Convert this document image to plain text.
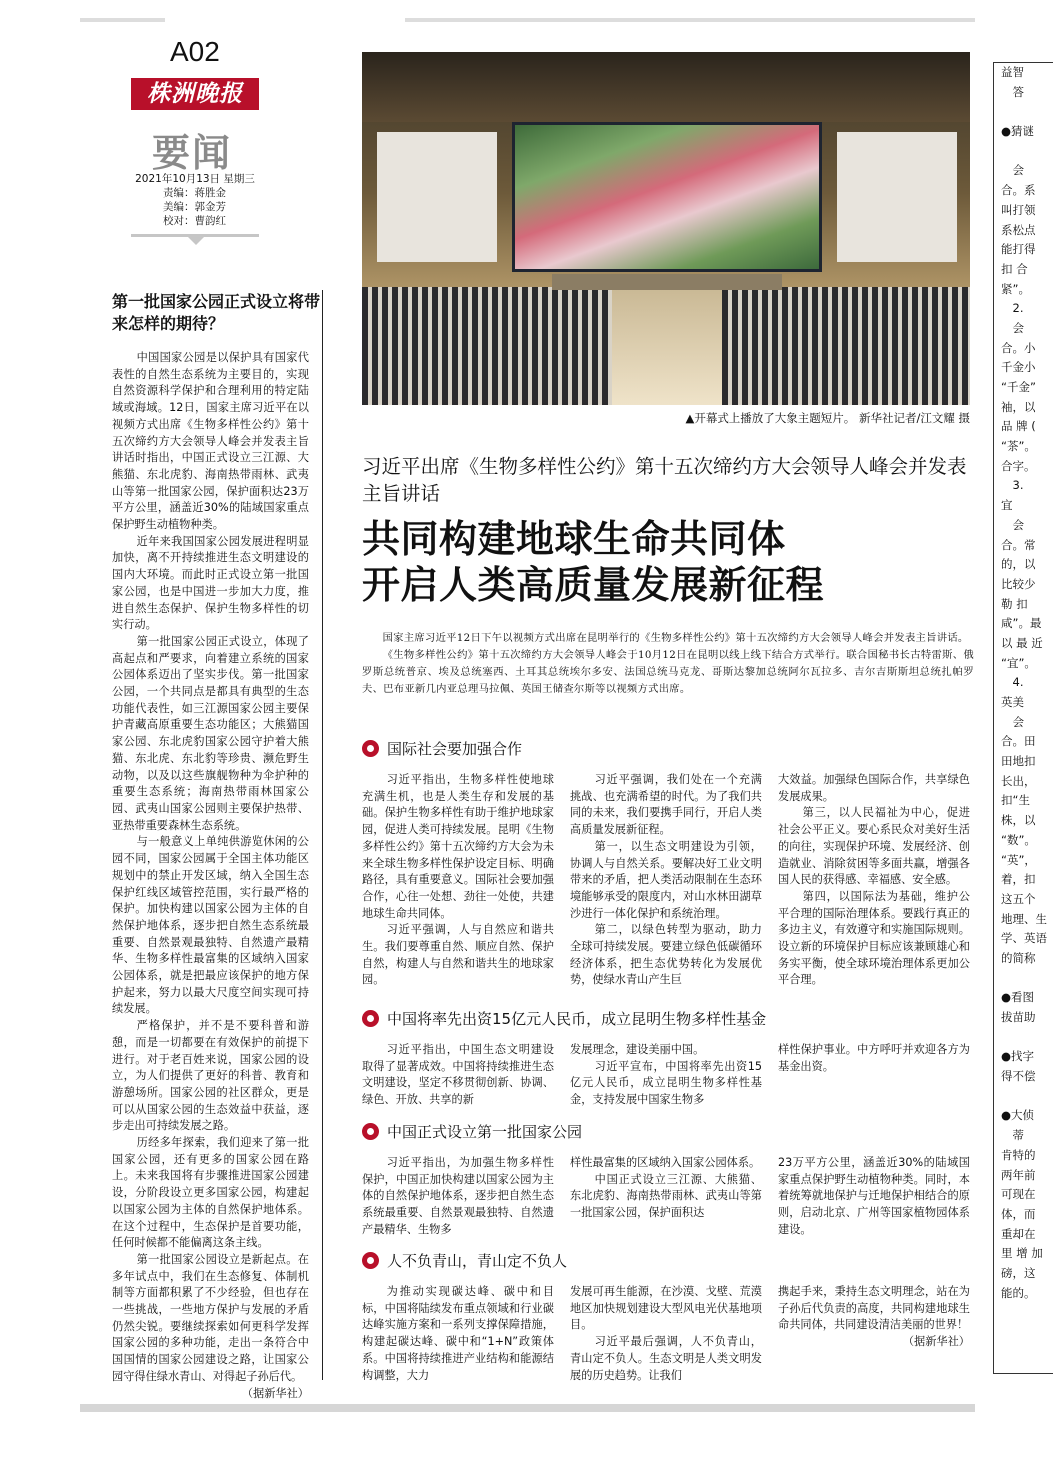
A02
株洲晚报
要闻
2021年10月13日 星期三
责编：蒋胜金
美编：郭金芳
校对：曹韵红
第一批国家公园正式设立将带来怎样的期待？

中国国家公园是以保护具有国家代表性的自然生态系统为主要目的，实现自然资源科学保护和合理利用的特定陆域或海域。12日，国家主席习近平在以视频方式出席《生物多样性公约》第十五次缔约方大会领导人峰会并发表主旨讲话时指出，中国正式设立三江源、大熊猫、东北虎豹、海南热带雨林、武夷山等第一批国家公园，保护面积达23万平方公里，涵盖近30%的陆域国家重点保护野生动植物种类。

近年来我国国家公园发展进程明显加快，离不开持续推进生态文明建设的国内大环境。而此时正式设立第一批国家公园，也是中国进一步加大力度，推进自然生态保护、保护生物多样性的切实行动。

第一批国家公园正式设立，体现了高起点和严要求，向着建立系统的国家公园体系迈出了坚实步伐。第一批国家公园，一个共同点是都具有典型的生态功能代表性，如三江源国家公园主要保护青藏高原重要生态功能区；大熊猫国家公园、东北虎豹国家公园守护着大熊猫、东北虎、东北豹等珍贵、濒危野生动物，以及以这些旗舰物种为伞护种的重要生态系统；海南热带雨林国家公园、武夷山国家公园则主要保护热带、亚热带重要森林生态系统。

与一般意义上单纯供游览休闲的公园不同，国家公园属于全国主体功能区规划中的禁止开发区域，纳入全国生态保护红线区域管控范围，实行最严格的保护。加快构建以国家公园为主体的自然保护地体系，逐步把自然生态系统最重要、自然景观最独特、自然遗产最精华、生物多样性最富集的区域纳入国家公园体系，就是把最应该保护的地方保护起来，努力以最大尺度空间实现可持续发展。

严格保护，并不是不要科普和游憩，而是一切都要在有效保护的前提下进行。对于老百姓来说，国家公园的设立，为人们提供了更好的科普、教育和游憩场所。国家公园的社区群众，更是可以从国家公园的生态效益中获益，逐步走出可持续发展之路。

历经多年探索，我们迎来了第一批国家公园，还有更多的国家公园在路上。未来我国将有步骤推进国家公园建设，分阶段设立更多国家公园，构建起以国家公园为主体的自然保护地体系。在这个过程中，生态保护是首要功能，任何时候都不能偏离这条主线。

第一批国家公园设立是新起点。在多年试点中，我们在生态修复、体制机制等方面都积累了不少经验，但也存在一些挑战，一些地方保护与发展的矛盾仍然尖锐。要继续探索如何更科学发挥国家公园的多种功能，走出一条符合中国国情的国家公园建设之路，让国家公园守得住绿水青山、对得起子孙后代。

（据新华社）
▲开幕式上播放了大象主题短片。 新华社记者/江文耀 摄
习近平出席《生物多样性公约》第十五次缔约方大会领导人峰会并发表主旨讲话
共同构建地球生命共同体
开启人类高质量发展新征程

国家主席习近平12日下午以视频方式出席在昆明举行的《生物多样性公约》第十五次缔约方大会领导人峰会并发表主旨讲话。

《生物多样性公约》第十五次缔约方大会领导人峰会于10月12日在昆明以线上线下结合方式举行。联合国秘书长古特雷斯、俄罗斯总统普京、埃及总统塞西、土耳其总统埃尔多安、法国总统马克龙、哥斯达黎加总统阿尔瓦拉多、吉尔吉斯斯坦总统扎帕罗夫、巴布亚新几内亚总理马拉佩、英国王储查尔斯等以视频方式出席。

国际社会要加强合作

习近平指出，生物多样性使地球充满生机，也是人类生存和发展的基础。保护生物多样性有助于维护地球家园，促进人类可持续发展。昆明《生物多样性公约》第十五次缔约方大会为未来全球生物多样性保护设定目标、明确路径，具有重要意义。国际社会要加强合作，心往一处想、劲往一处使，共建地球生命共同体。

习近平强调，人与自然应和谐共生。我们要尊重自然、顺应自然、保护自然，构建人与自然和谐共生的地球家园。

习近平强调，我们处在一个充满挑战、也充满希望的时代。为了我们共同的未来，我们要携手同行，开启人类高质量发展新征程。

第一，以生态文明建设为引领，协调人与自然关系。要解决好工业文明带来的矛盾，把人类活动限制在生态环境能够承受的限度内，对山水林田湖草沙进行一体化保护和系统治理。

第二，以绿色转型为驱动，助力全球可持续发展。要建立绿色低碳循环经济体系，把生态优势转化为发展优势，使绿水青山产生巨

大效益。加强绿色国际合作，共享绿色发展成果。

第三，以人民福祉为中心，促进社会公平正义。要心系民众对美好生活的向往，实现保护环境、发展经济、创造就业、消除贫困等多面共赢，增强各国人民的获得感、幸福感、安全感。

第四，以国际法为基础，维护公平合理的国际治理体系。要践行真正的多边主义，有效遵守和实施国际规则。设立新的环境保护目标应该兼顾雄心和务实平衡，使全球环境治理体系更加公平合理。

中国将率先出资15亿元人民币，成立昆明生物多样性基金

习近平指出，中国生态文明建设取得了显著成效。中国将持续推进生态文明建设，坚定不移贯彻创新、协调、绿色、开放、共享的新

发展理念，建设美丽中国。

习近平宣布，中国将率先出资15亿元人民币，成立昆明生物多样性基金，支持发展中国家生物多

样性保护事业。中方呼吁并欢迎各方为基金出资。

中国正式设立第一批国家公园

习近平指出，为加强生物多样性保护，中国正加快构建以国家公园为主体的自然保护地体系，逐步把自然生态系统最重要、自然景观最独特、自然遗产最精华、生物多

样性最富集的区域纳入国家公园体系。

中国正式设立三江源、大熊猫、东北虎豹、海南热带雨林、武夷山等第一批国家公园，保护面积达

23万平方公里，涵盖近30%的陆域国家重点保护野生动植物种类。同时，本着统筹就地保护与迁地保护相结合的原则，启动北京、广州等国家植物园体系建设。

人不负青山，青山定不负人

为推动实现碳达峰、碳中和目标，中国将陆续发布重点领域和行业碳达峰实施方案和一系列支撑保障措施，构建起碳达峰、碳中和“1+N”政策体系。中国将持续推进产业结构和能源结构调整，大力

发展可再生能源，在沙漠、戈壁、荒漠地区加快规划建设大型风电光伏基地项目。

习近平最后强调，人不负青山，青山定不负人。生态文明是人类文明发展的历史趋势。让我们

携起手来，秉持生态文明理念，站在为子孙后代负责的高度，共同构建地球生命共同体，共同建设清洁美丽的世界！

（据新华社）
益智
　答
●猜谜
　会
合。系
叫打领
系松点
能打得
扣 合
紧”。
　2.
　会
合。小
千金小
“千金”
袖，以
品 牌 (
“茶”。
合字。
　3.
宜
　会
合。常
的，以
比较少
勒 扣
咸”。最
以 最 近
“宜”。
　4.
英美
　会
合。田
田地扣
长出，
扣“生
株，以
“数”。
“英”，
着，扣
这五个
地理、生
学、英语
的简称
●看图
拔苗助
●找字
得不偿
●大侦
　蒂
肯特的
两年前
可现在
体，而
重却在
里 增 加
磅，这
能的。
